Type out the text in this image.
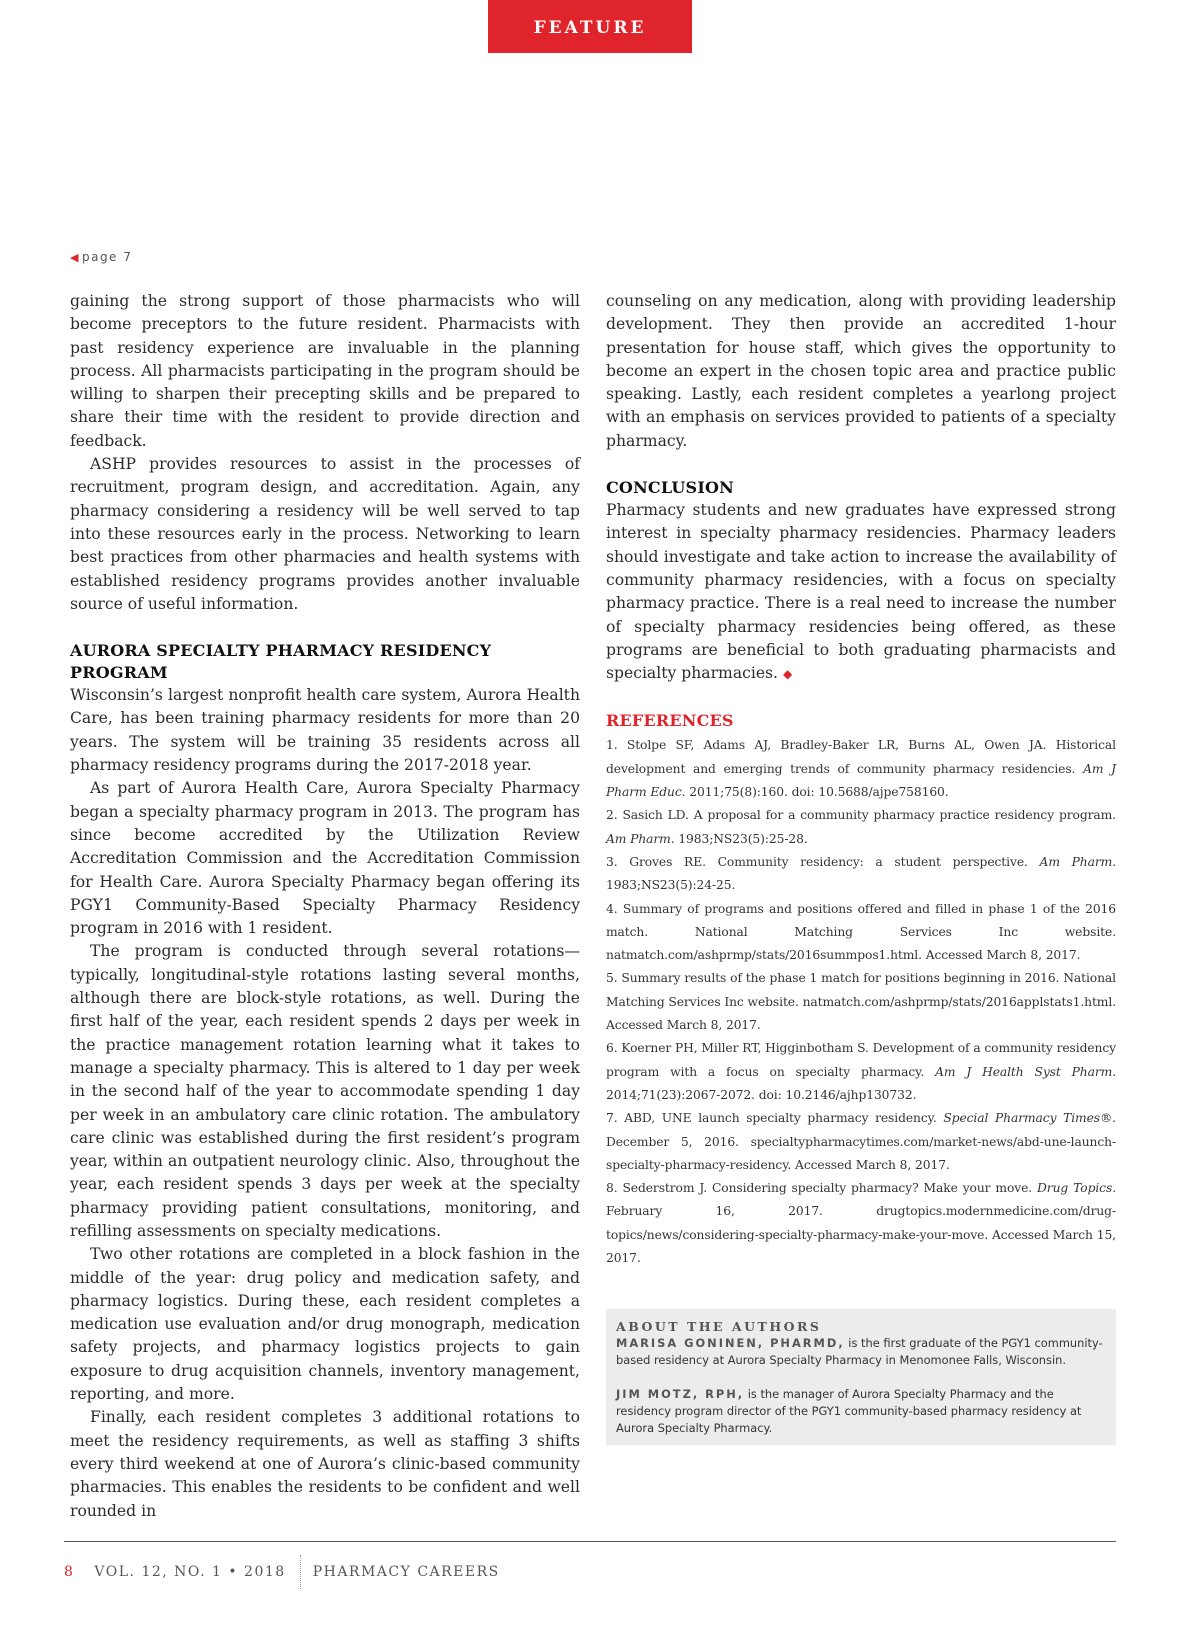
FEATURE
◀ page 7

gaining the strong support of those pharmacists who will become preceptors to the future resident. Pharmacists with past residency experience are invaluable in the planning process. All pharmacists participating in the program should be willing to sharpen their precepting skills and be prepared to share their time with the resident to provide direction and feedback.

ASHP provides resources to assist in the processes of recruitment, program design, and accreditation. Again, any pharmacy considering a residency will be well served to tap into these resources early in the process. Networking to learn best practices from other pharmacies and health systems with established residency programs provides another invaluable source of useful information.

AURORA SPECIALTY PHARMACY RESIDENCY PROGRAM

Wisconsin’s largest nonprofit health care system, Aurora Health Care, has been training pharmacy residents for more than 20 years. The system will be training 35 residents across all pharmacy residency programs during the 2017-2018 year.

As part of Aurora Health Care, Aurora Specialty Pharmacy began a specialty pharmacy program in 2013. The program has since become accredited by the Utilization Review Accreditation Commission and the Accreditation Commission for Health Care. Aurora Specialty Pharmacy began offering its PGY1 Community-Based Specialty Pharmacy Residency program in 2016 with 1 resident.

The program is conducted through several rotations—typically, longitudinal-style rotations lasting several months, although there are block-style rotations, as well. During the first half of the year, each resident spends 2 days per week in the practice management rotation learning what it takes to manage a specialty pharmacy. This is altered to 1 day per week in the second half of the year to accommodate spending 1 day per week in an ambulatory care clinic rotation. The ambulatory care clinic was established during the first resident’s program year, within an outpatient neurology clinic. Also, throughout the year, each resident spends 3 days per week at the specialty pharmacy providing patient consultations, monitoring, and refilling assessments on specialty medications.

Two other rotations are completed in a block fashion in the middle of the year: drug policy and medication safety, and pharmacy logistics. During these, each resident completes a medication use evaluation and/or drug monograph, medication safety projects, and pharmacy logistics projects to gain exposure to drug acquisition channels, inventory management, reporting, and more.

Finally, each resident completes 3 additional rotations to meet the residency requirements, as well as staffing 3 shifts every third weekend at one of Aurora’s clinic-based community pharmacies. This enables the residents to be confident and well rounded in

counseling on any medication, along with providing leadership development. They then provide an accredited 1-hour presentation for house staff, which gives the opportunity to become an expert in the chosen topic area and practice public speaking. Lastly, each resident completes a yearlong project with an emphasis on services provided to patients of a specialty pharmacy.

CONCLUSION

Pharmacy students and new graduates have expressed strong interest in specialty pharmacy residencies. Pharmacy leaders should investigate and take action to increase the availability of community pharmacy residencies, with a focus on specialty pharmacy practice. There is a real need to increase the number of specialty pharmacy residencies being offered, as these programs are beneficial to both graduating pharmacists and specialty pharmacies. ◆

REFERENCES

1. Stolpe SF, Adams AJ, Bradley-Baker LR, Burns AL, Owen JA. Historical development and emerging trends of community pharmacy residencies. Am J Pharm Educ. 2011;75(8):160. doi: 10.5688/ajpe758160.

2. Sasich LD. A proposal for a community pharmacy practice residency program. Am Pharm. 1983;NS23(5):25-28.

3. Groves RE. Community residency: a student perspective. Am Pharm. 1983;NS23(5):24-25.

4. Summary of programs and positions offered and filled in phase 1 of the 2016 match. National Matching Services Inc website. natmatch.com/ashprmp/stats/2016summpos1.html. Accessed March 8, 2017.

5. Summary results of the phase 1 match for positions beginning in 2016. National Matching Services Inc website. natmatch.com/ashprmp/stats/2016applstats1.html. Accessed March 8, 2017.

6. Koerner PH, Miller RT, Higginbotham S. Development of a community residency program with a focus on specialty pharmacy. Am J Health Syst Pharm. 2014;71(23):2067-2072. doi: 10.2146/ajhp130732.

7. ABD, UNE launch specialty pharmacy residency. Special Pharmacy Times®. December 5, 2016. specialtypharmacytimes.com/market-news/abd-une-launch-specialty-pharmacy-residency. Accessed March 8, 2017.

8. Sederstrom J. Considering specialty pharmacy? Make your move. Drug Topics. February 16, 2017. drugtopics.modernmedicine.com/drug-topics/news/considering-specialty-pharmacy-make-your-move. Accessed March 15, 2017.

ABOUT THE AUTHORS

MARISA GONINEN, PHARMD, is the first graduate of the PGY1 community-based residency at Aurora Specialty Pharmacy in Menomonee Falls, Wisconsin.

JIM MOTZ, RPH, is the manager of Aurora Specialty Pharmacy and the residency program director of the PGY1 community-based pharmacy residency at Aurora Specialty Pharmacy.

8 VOL. 12, NO. 1 • 2018 PHARMACY CAREERS
